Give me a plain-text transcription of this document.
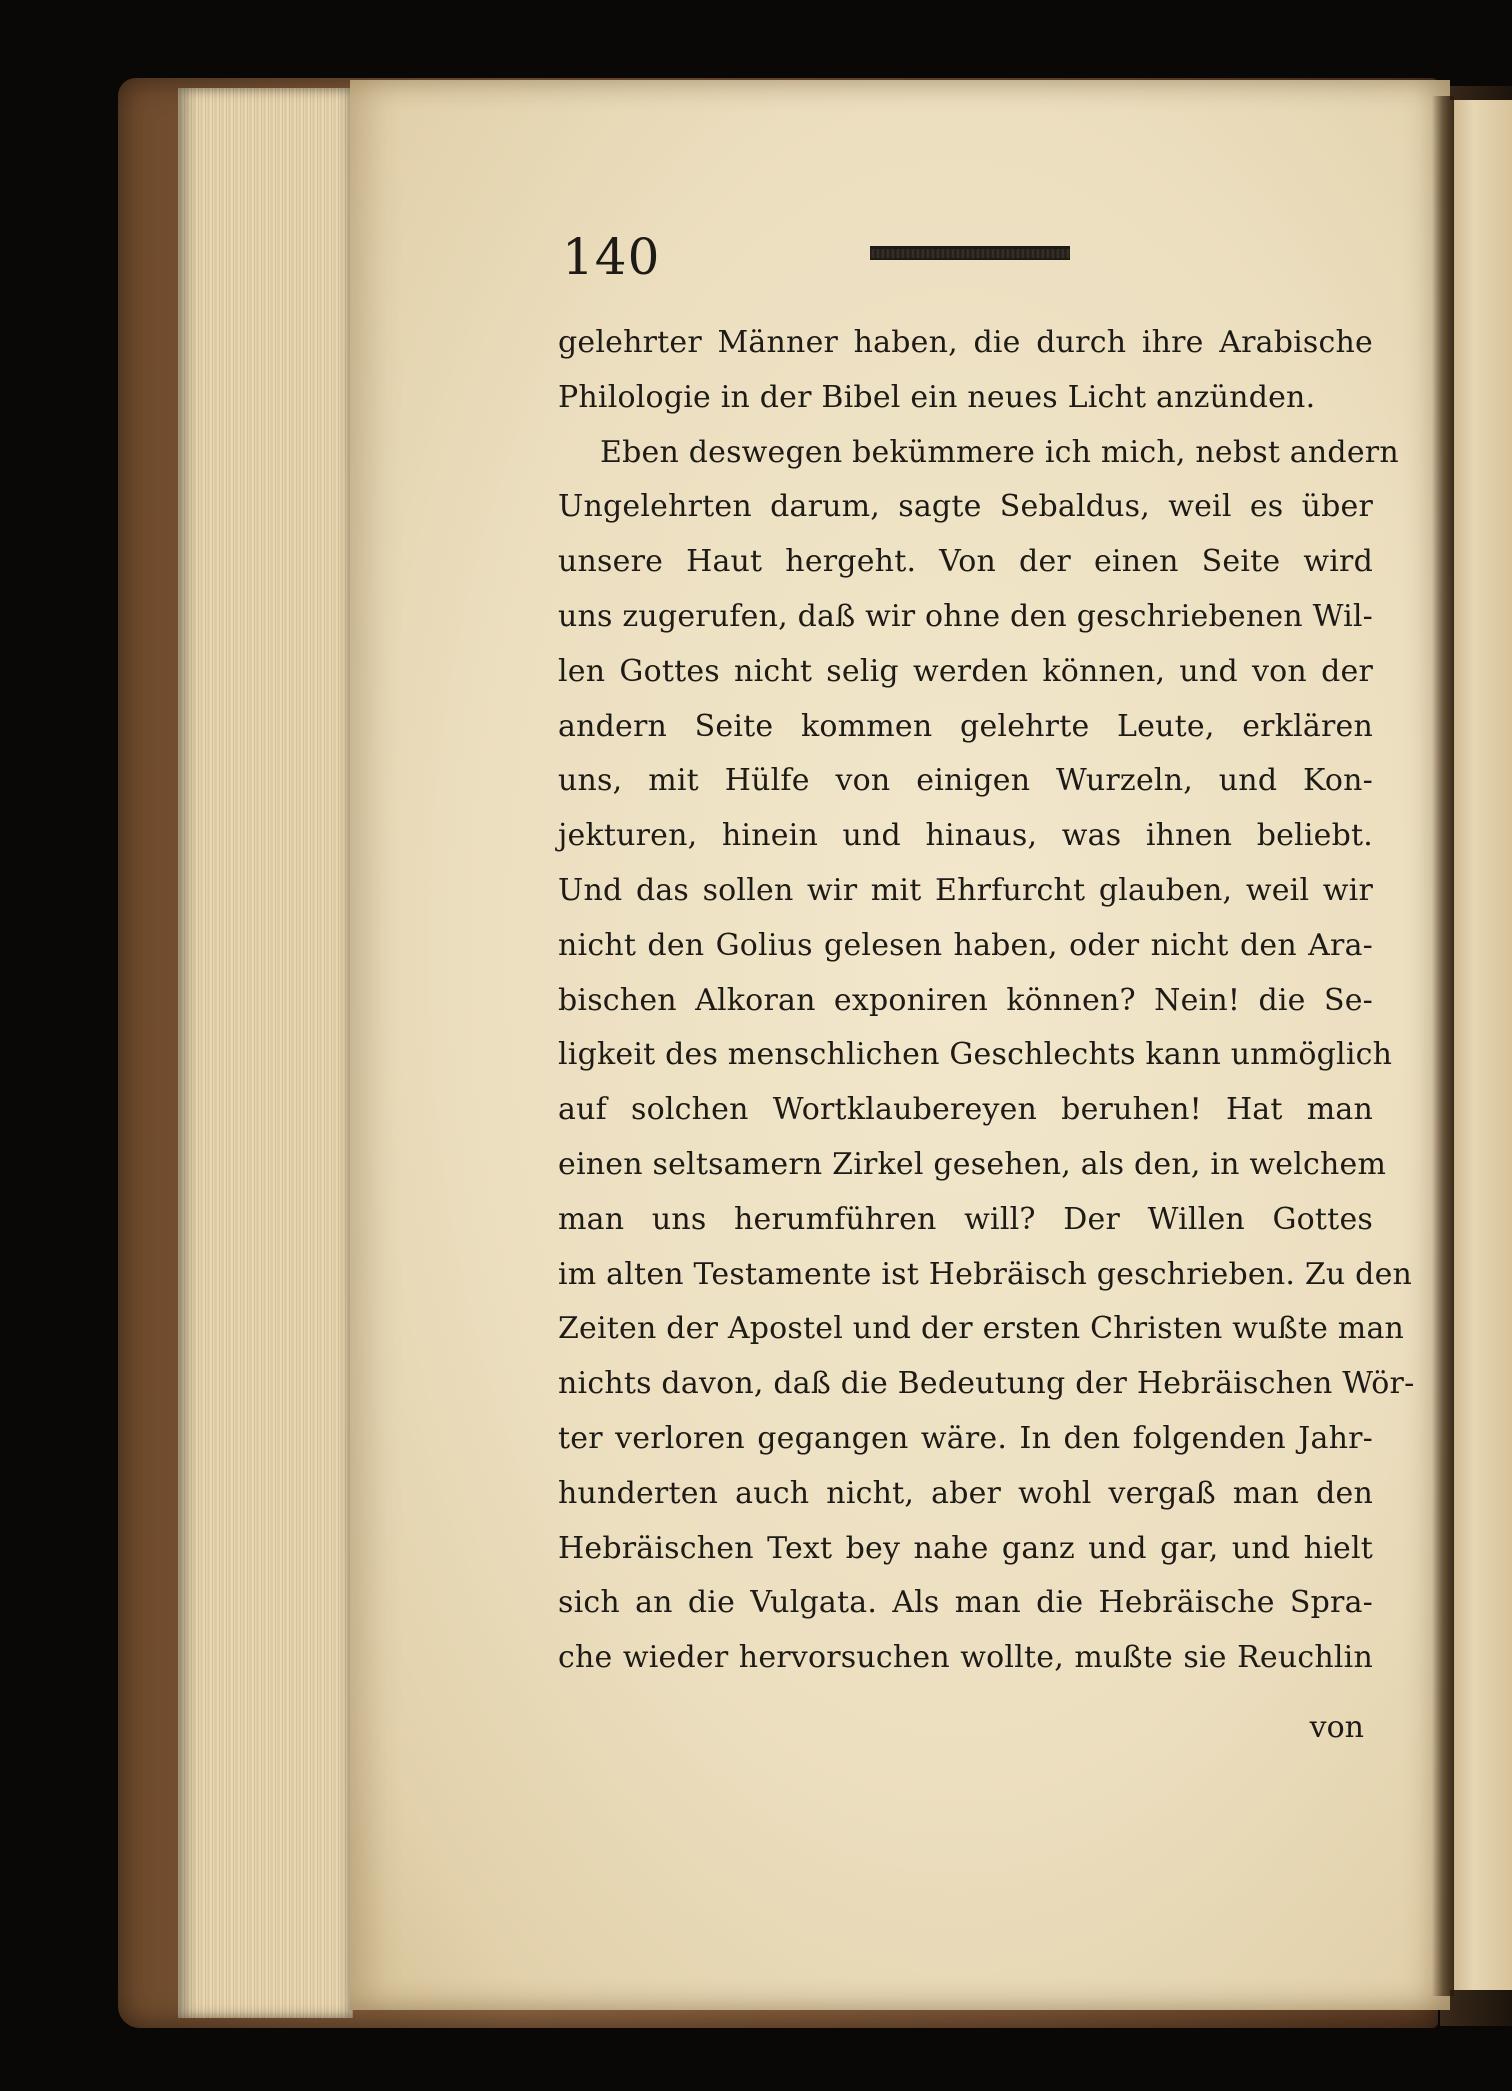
140
gelehrter Männer haben, die durch ihre Arabische
Philologie in der Bibel ein neues Licht anzünden.
Eben deswegen bekümmere ich mich, nebst andern
Ungelehrten darum, sagte Sebaldus, weil es über
unsere Haut hergeht. Von der einen Seite wird
uns zugerufen, daß wir ohne den geschriebenen Wil-
len Gottes nicht selig werden können, und von der
andern Seite kommen gelehrte Leute, erklären
uns, mit Hülfe von einigen Wurzeln, und Kon-
jekturen, hinein und hinaus, was ihnen beliebt.
Und das sollen wir mit Ehrfurcht glauben, weil wir
nicht den Golius gelesen haben, oder nicht den Ara-
bischen Alkoran exponiren können? Nein! die Se-
ligkeit des menschlichen Geschlechts kann unmöglich
auf solchen Wortklaubereyen beruhen! Hat man
einen seltsamern Zirkel gesehen, als den, in welchem
man uns herumführen will? Der Willen Gottes
im alten Testamente ist Hebräisch geschrieben. Zu den
Zeiten der Apostel und der ersten Christen wußte man
nichts davon, daß die Bedeutung der Hebräischen Wör-
ter verloren gegangen wäre. In den folgenden Jahr-
hunderten auch nicht, aber wohl vergaß man den
Hebräischen Text bey nahe ganz und gar, und hielt
sich an die Vulgata. Als man die Hebräische Spra-
che wieder hervorsuchen wollte, mußte sie Reuchlin
von
